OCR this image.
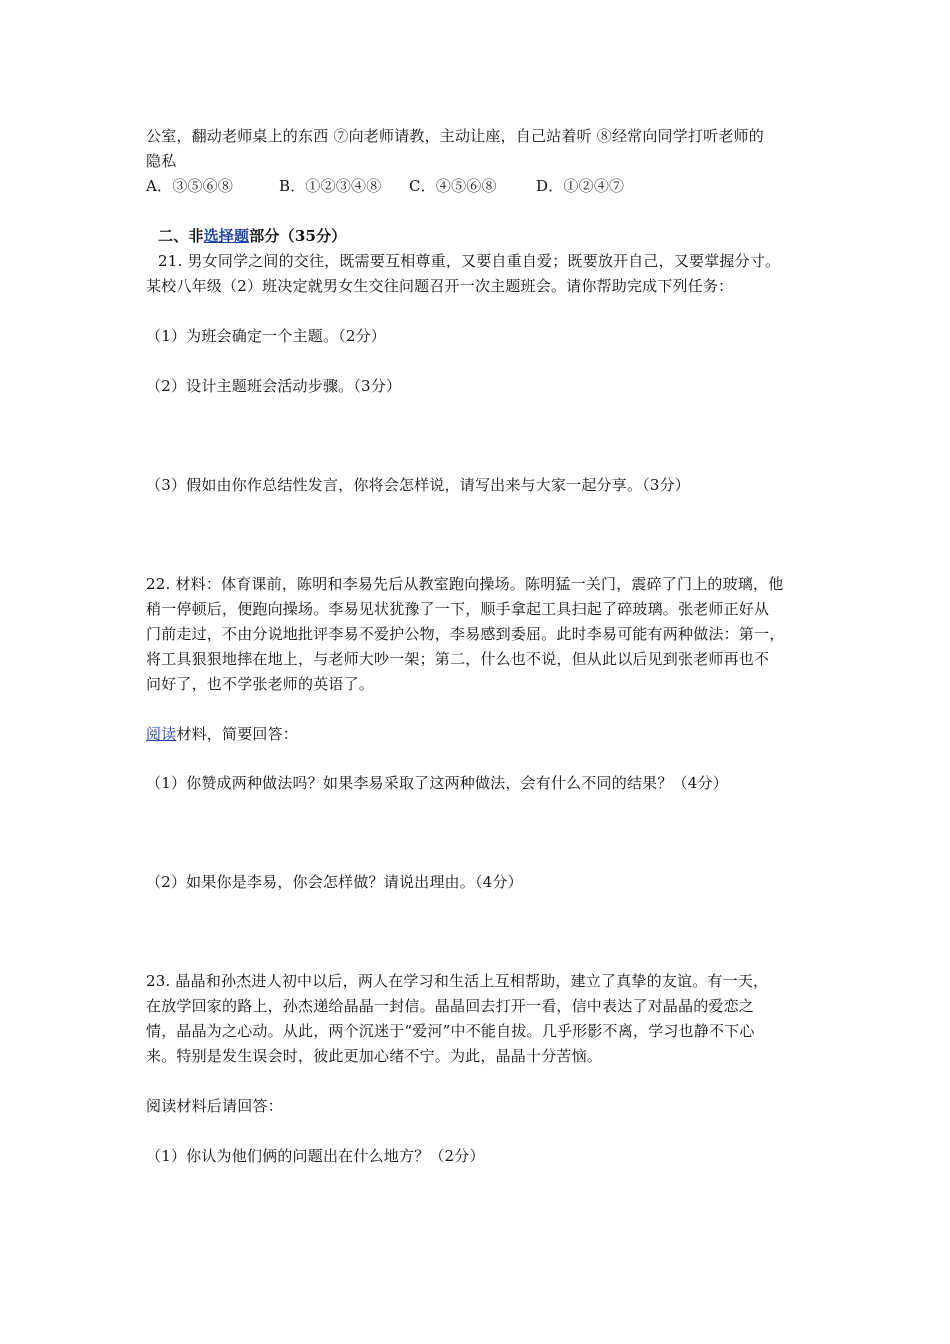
公室，翻动老师桌上的东西 ⑦向老师请教，主动让座，自己站着听 ⑧经常向同学打听老师的
隐私
A．③⑤⑥⑧	B．①②③④⑧ C．④⑤⑥⑧	D．①②④⑦
二、非选择题部分（35分）
21. 男女同学之间的交往，既需要互相尊重，又要自重自爱；既要放开自己，又要掌握分寸。
某校八年级（2）班决定就男女生交往问题召开一次主题班会。请你帮助完成下列任务：
（1）为班会确定一个主题。（2分）
（2）设计主题班会活动步骤。（3分）
（3）假如由你作总结性发言，你将会怎样说，请写出来与大家一起分享。（3分）
22. 材料：体育课前，陈明和李易先后从教室跑向操场。陈明猛一关门，震碎了门上的玻璃，他
稍一停顿后，便跑向操场。李易见状犹豫了一下，顺手拿起工具扫起了碎玻璃。张老师正好从
门前走过，不由分说地批评李易不爱护公物，李易感到委屈。此时李易可能有两种做法：第一，
将工具狠狠地摔在地上，与老师大吵一架；第二，什么也不说，但从此以后见到张老师再也不
问好了，也不学张老师的英语了。
阅读材料，简要回答：
（1）你赞成两种做法吗？如果李易采取了这两种做法，会有什么不同的结果？（4分）
（2）如果你是李易，你会怎样做？请说出理由。（4分）
23. 晶晶和孙杰进人初中以后，两人在学习和生活上互相帮助，建立了真挚的友谊。有一天，
在放学回家的路上，孙杰递给晶晶一封信。晶晶回去打开一看，信中表达了对晶晶的爱恋之
情，晶晶为之心动。从此，两个沉迷于“爱河”中不能自拔。几乎形影不离，学习也静不下心
来。特别是发生误会时，彼此更加心绪不宁。为此，晶晶十分苦恼。
阅读材料后请回答：
（1）你认为他们俩的问题出在什么地方？（2分）
